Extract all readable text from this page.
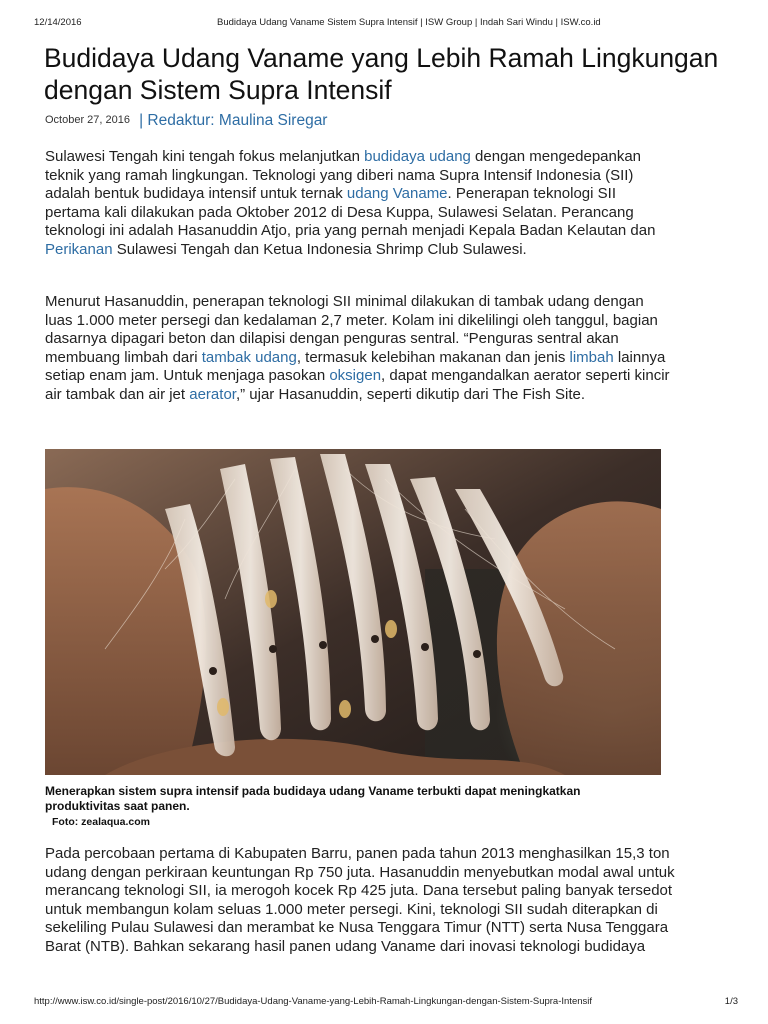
12/14/2016	Budidaya Udang Vaname Sistem Supra Intensif | ISW Group | Indah Sari Windu | ISW.co.id
Budidaya Udang Vaname yang Lebih Ramah Lingkungan dengan Sistem Supra Intensif
October 27, 2016 | Redaktur: Maulina Siregar

Sulawesi Tengah kini tengah fokus melanjutkan budidaya udang dengan mengedepankan teknik yang ramah lingkungan. Teknologi yang diberi nama Supra Intensif Indonesia (SII) adalah bentuk budidaya intensif untuk ternak udang Vaname. Penerapan teknologi SII pertama kali dilakukan pada Oktober 2012 di Desa Kuppa, Sulawesi Selatan. Perancang teknologi ini adalah Hasanuddin Atjo, pria yang pernah menjadi Kepala Badan Kelautan dan Perikanan Sulawesi Tengah dan Ketua Indonesia Shrimp Club Sulawesi.

Menurut Hasanuddin, penerapan teknologi SII minimal dilakukan di tambak udang dengan luas 1.000 meter persegi dan kedalaman 2,7 meter. Kolam ini dikelilingi oleh tanggul, bagian dasarnya dipagari beton dan dilapisi dengan penguras sentral. “Penguras sentral akan membuang limbah dari tambak udang, termasuk kelebihan makanan dan jenis limbah lainnya setiap enam jam. Untuk menjaga pasokan oksigen, dapat mengandalkan aerator seperti kincir air tambak dan air jet aerator,” ujar Hasanuddin, seperti dikutip dari The Fish Site.

Menerapkan sistem supra intensif pada budidaya udang Vaname terbukti dapat meningkatkan produktivitas saat panen.
Foto: zealaqua.com

Pada percobaan pertama di Kabupaten Barru, panen pada tahun 2013 menghasilkan 15,3 ton udang dengan perkiraan keuntungan Rp 750 juta. Hasanuddin menyebutkan modal awal untuk merancang teknologi SII, ia merogoh kocek Rp 425 juta. Dana tersebut paling banyak tersedot untuk membangun kolam seluas 1.000 meter persegi. Kini, teknologi SII sudah diterapkan di sekeliling Pulau Sulawesi dan merambat ke Nusa Tenggara Timur (NTT) serta Nusa Tenggara Barat (NTB). Bahkan sekarang hasil panen udang Vaname dari inovasi teknologi budidaya

http://www.isw.co.id/single-post/2016/10/27/Budidaya-Udang-Vaname-yang-Lebih-Ramah-Lingkungan-dengan-Sistem-Supra-Intensif	1/3
